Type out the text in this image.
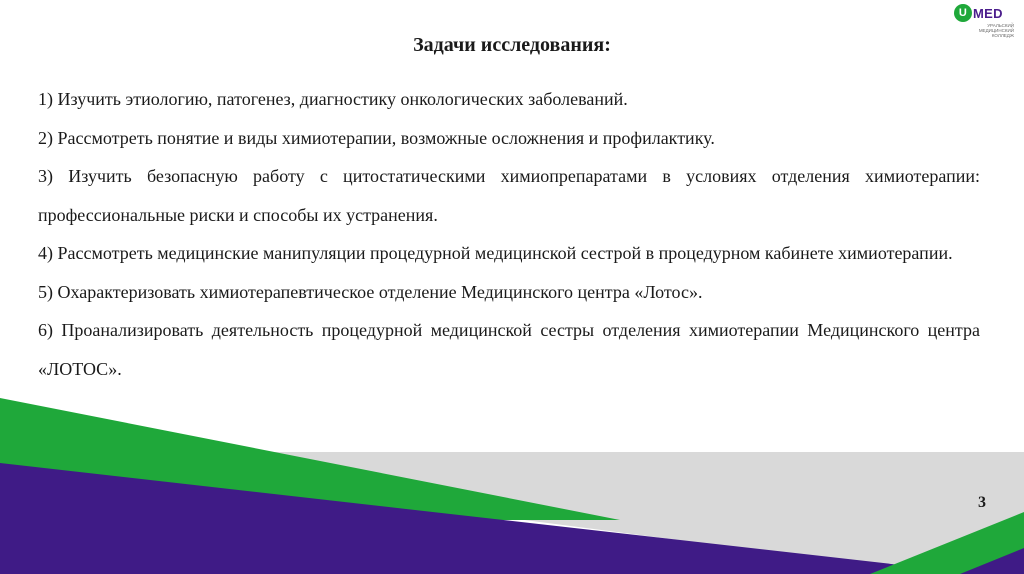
U MED
УРАЛЬСКИЙ
МЕДИЦИНСКИЙ
КОЛЛЕДЖ
Задачи исследования:
1) Изучить этиологию, патогенез, диагностику онкологических заболеваний.
2) Рассмотреть понятие и виды химиотерапии, возможные осложнения и профилактику.
3) Изучить безопасную работу с цитостатическими химиопрепаратами в условиях отделения химиотерапии: профессиональные риски и способы их устранения.
4) Рассмотреть медицинские манипуляции процедурной медицинской сестрой в процедурном кабинете химиотерапии.
5) Охарактеризовать химиотерапевтическое отделение Медицинского центра «Лотос».
6) Проанализировать деятельность процедурной медицинской сестры отделения химиотерапии Медицинского центра «ЛОТОС».
3
